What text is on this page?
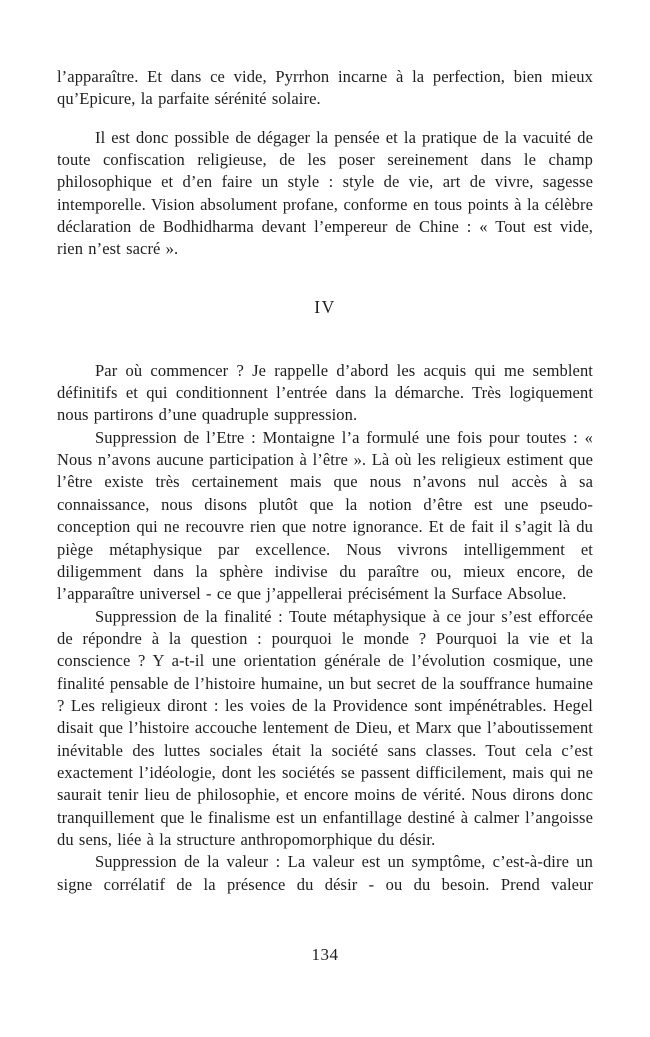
l’apparaître. Et dans ce vide, Pyrrhon incarne à la perfection, bien mieux qu’Epicure, la parfaite sérénité solaire.

Il est donc possible de dégager la pensée et la pratique de la vacuité de toute confiscation religieuse, de les poser sereinement dans le champ philosophique et d’en faire un style : style de vie, art de vivre, sagesse intemporelle. Vision absolument profane, conforme en tous points à la célèbre déclaration de Bodhidharma devant l’empereur de Chine : « Tout est vide, rien n’est sacré ».

IV

Par où commencer ? Je rappelle d’abord les acquis qui me semblent définitifs et qui conditionnent l’entrée dans la démarche. Très logiquement nous partirons d’une quadruple suppression.

Suppression de l’Etre : Montaigne l’a formulé une fois pour toutes : « Nous n’avons aucune participation à l’être ». Là où les religieux estiment que l’être existe très certainement mais que nous n’avons nul accès à sa connaissance, nous disons plutôt que la notion d’être est une pseudo-conception qui ne recouvre rien que notre ignorance. Et de fait il s’agit là du piège métaphysique par excellence. Nous vivrons intelligemment et diligemment dans la sphère indivise du paraître ou, mieux encore, de l’apparaître universel - ce que j’appellerai précisément la Surface Absolue.

Suppression de la finalité : Toute métaphysique à ce jour s’est efforcée de répondre à la question : pourquoi le monde ? Pourquoi la vie et la conscience ? Y a-t-il une orientation générale de l’évolution cosmique, une finalité pensable de l’histoire humaine, un but secret de la souffrance humaine ? Les religieux diront : les voies de la Providence sont impénétrables. Hegel disait que l’histoire accouche lentement de Dieu, et Marx que l’aboutissement inévitable des luttes sociales était la société sans classes. Tout cela c’est exactement l’idéologie, dont les sociétés se passent difficilement, mais qui ne saurait tenir lieu de philosophie, et encore moins de vérité. Nous dirons donc tranquillement que le finalisme est un enfantillage destiné à calmer l’angoisse du sens, liée à la structure anthropomorphique du désir.

Suppression de la valeur : La valeur est un symptôme, c’est-à-dire un signe corrélatif de la présence du désir - ou du besoin. Prend valeur

134
